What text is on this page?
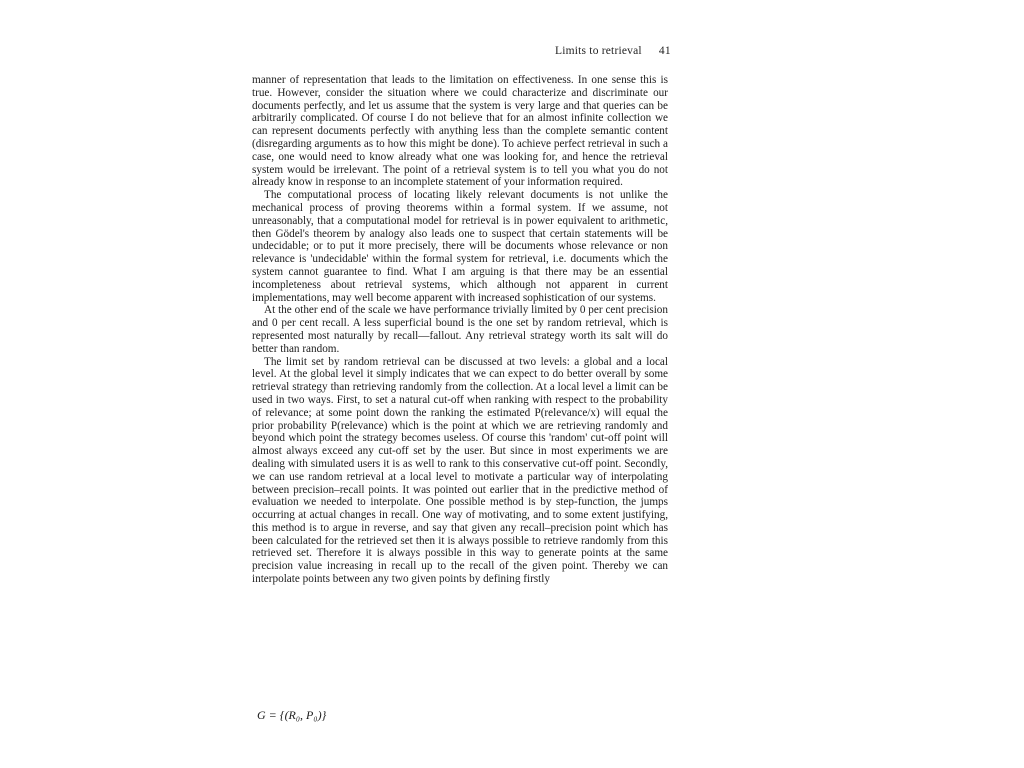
Limits to retrieval 41

manner of representation that leads to the limitation on effectiveness. In one sense this is true. However, consider the situation where we could characterize and discriminate our documents perfectly, and let us assume that the system is very large and that queries can be arbitrarily complicated. Of course I do not believe that for an almost infinite collection we can represent documents perfectly with anything less than the complete semantic content (disregarding arguments as to how this might be done). To achieve perfect retrieval in such a case, one would need to know already what one was looking for, and hence the retrieval system would be irrelevant. The point of a retrieval system is to tell you what you do not already know in response to an incomplete statement of your information required.

The computational process of locating likely relevant documents is not unlike the mechanical process of proving theorems within a formal system. If we assume, not unreasonably, that a computational model for retrieval is in power equivalent to arithmetic, then Gödel's theorem by analogy also leads one to suspect that certain statements will be undecidable; or to put it more precisely, there will be documents whose relevance or non relevance is 'undecidable' within the formal system for retrieval, i.e. documents which the system cannot guarantee to find. What I am arguing is that there may be an essential incompleteness about retrieval systems, which although not apparent in current implementations, may well become apparent with increased sophistication of our systems.

At the other end of the scale we have performance trivially limited by 0 per cent precision and 0 per cent recall. A less superficial bound is the one set by random retrieval, which is represented most naturally by recall—fallout. Any retrieval strategy worth its salt will do better than random.

The limit set by random retrieval can be discussed at two levels: a global and a local level. At the global level it simply indicates that we can expect to do better overall by some retrieval strategy than retrieving randomly from the collection. At a local level a limit can be used in two ways. First, to set a natural cut-off when ranking with respect to the probability of relevance; at some point down the ranking the estimated P(relevance/x) will equal the prior probability P(relevance) which is the point at which we are retrieving randomly and beyond which point the strategy becomes useless. Of course this 'random' cut-off point will almost always exceed any cut-off set by the user. But since in most experiments we are dealing with simulated users it is as well to rank to this conservative cut-off point. Secondly, we can use random retrieval at a local level to motivate a particular way of interpolating between precision–recall points. It was pointed out earlier that in the predictive method of evaluation we needed to interpolate. One possible method is by step-function, the jumps occurring at actual changes in recall. One way of motivating, and to some extent justifying, this method is to argue in reverse, and say that given any recall–precision point which has been calculated for the retrieved set then it is always possible to retrieve randomly from this retrieved set. Therefore it is always possible in this way to generate points at the same precision value increasing in recall up to the recall of the given point. Thereby we can interpolate points between any two given points by defining firstly

G = {(R₀, P₀)}
